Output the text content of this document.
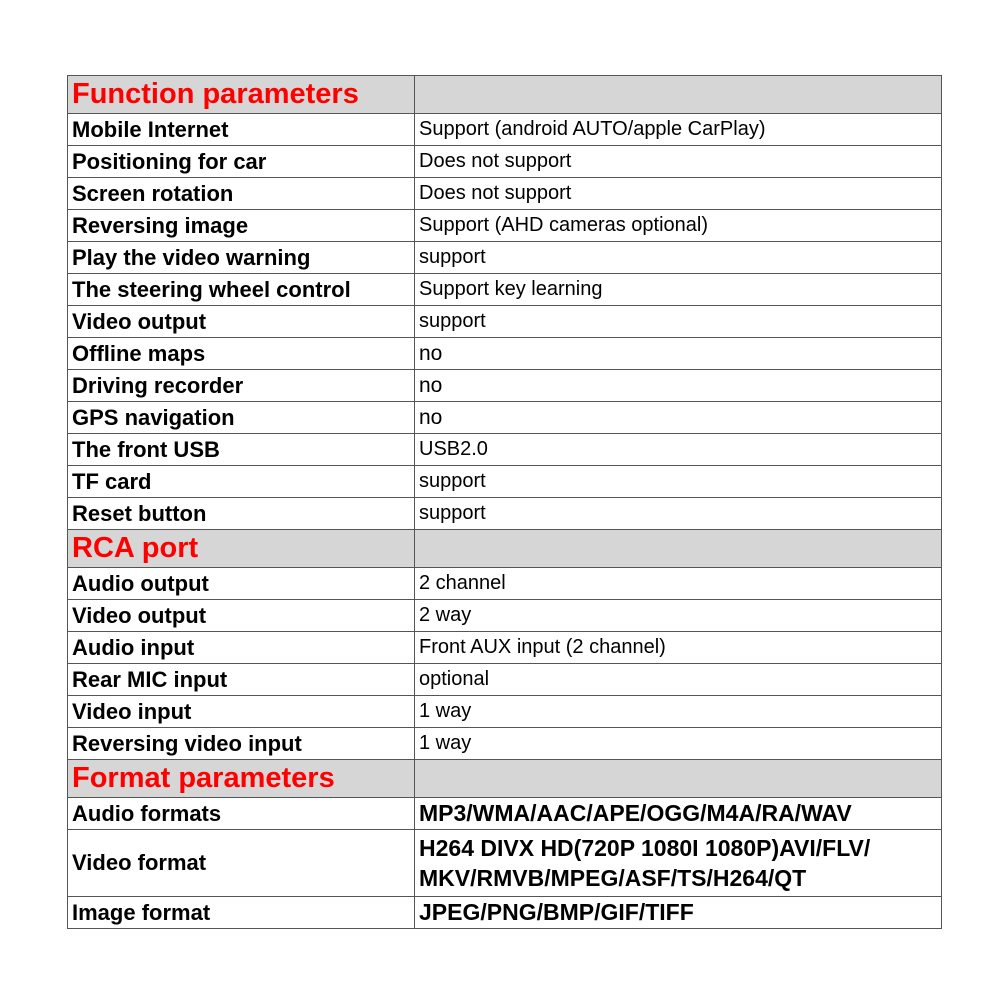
Function parameters	
Mobile Internet	Support (android AUTO/apple CarPlay)
Positioning for car	Does not support
Screen rotation	Does not support
Reversing image	Support (AHD cameras optional)
Play the video warning	support
The steering wheel control	Support key learning
Video output	support
Offline maps	no
Driving recorder	no
GPS navigation	no
The front USB	USB2.0
TF card	support
Reset button	support
RCA port	
Audio output	2 channel
Video output	2 way
Audio input	Front AUX input (2 channel)
Rear MIC input	optional
Video input	1 way
Reversing video input	1 way
Format parameters	
Audio formats	MP3/WMA/AAC/APE/OGG/M4A/RA/WAV
Video format	H264 DIVX HD(720P 1080I 1080P)AVI/FLV/ MKV/RMVB/MPEG/ASF/TS/H264/QT
Image format	JPEG/PNG/BMP/GIF/TIFF
